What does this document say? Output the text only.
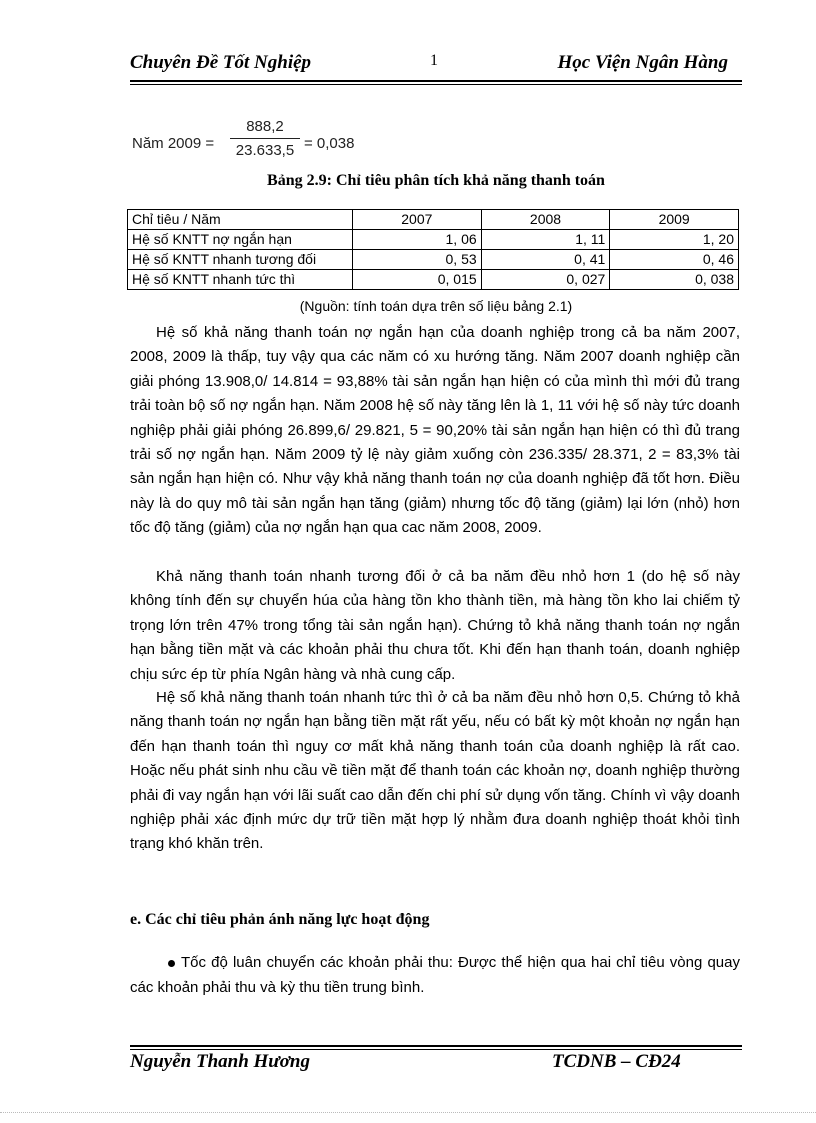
Chuyên Đề Tốt Nghiệp	1	Học Viện Ngân Hàng
Năm 2009 =
888,2
23.633,5 = 0,038
Bảng 2.9: Chỉ tiêu phân tích khả năng thanh toán
Chỉ tiêu / Năm	2007	2008	2009
Hệ số KNTT nợ ngắn hạn	1, 06	1, 11	1, 20
Hệ số KNTT nhanh tương đối	0, 53	0, 41	0, 46
Hệ số KNTT nhanh tức thì	0, 015	0, 027	0, 038
(Nguồn: tính toán dựa trên số liệu bảng 2.1)

Hệ số khả năng thanh toán nợ ngắn hạn của doanh nghiệp trong cả ba năm 2007, 2008, 2009 là thấp, tuy vậy qua các năm có xu hướng tăng. Năm 2007 doanh nghiệp cần giải phóng 13.908,0/ 14.814 = 93,88% tài sản ngắn hạn hiện có của mình thì mới đủ trang trải toàn bộ số nợ ngắn hạn. Năm 2008 hệ số này tăng lên là 1, 11 với hệ số này tức doanh nghiệp phải giải phóng 26.899,6/ 29.821, 5 = 90,20% tài sản ngắn hạn hiện có thì đủ trang trải số nợ ngắn hạn. Năm 2009 tỷ lệ này giảm xuống còn 236.335/ 28.371, 2 = 83,3% tài sản ngắn hạn hiện có. Như vậy khả năng thanh toán nợ của doanh nghiệp đã tốt hơn. Điều này là do quy mô tài sản ngắn hạn tăng (giảm) nhưng tốc độ tăng (giảm) lại lớn (nhỏ) hơn tốc độ tăng (giảm) của nợ ngắn hạn qua cac năm 2008, 2009.

Khả năng thanh toán nhanh tương đối ở cả ba năm đều nhỏ hơn 1 (do hệ số này không tính đến sự chuyển húa của hàng tồn kho thành tiền, mà hàng tồn kho lai chiếm tỷ trọng lớn trên 47% trong tổng tài sản ngắn hạn). Chứng tỏ khả năng thanh toán nợ ngắn hạn bằng tiền mặt và các khoản phải thu chưa tốt. Khi đến hạn thanh toán, doanh nghiệp chịu sức ép từ phía Ngân hàng và nhà cung cấp.

Hệ số khả năng thanh toán nhanh tức thì ở cả ba năm đều nhỏ hơn 0,5. Chứng tỏ khả năng thanh toán nợ ngắn hạn bằng tiền mặt rất yếu, nếu có bất kỳ một khoản nợ ngắn hạn đến hạn thanh toán thì nguy cơ mất khả năng thanh toán của doanh nghiệp là rất cao. Hoặc nếu phát sinh nhu cầu về tiền mặt để thanh toán các khoản nợ, doanh nghiệp thường phải đi vay ngắn hạn với lãi suất cao dẫn đến chi phí sử dụng vốn tăng. Chính vì vậy doanh nghiệp phải xác định mức dự trữ tiền mặt hợp lý nhằm đưa doanh nghiệp thoát khỏi tình trạng khó khăn trên.

e. Các chỉ tiêu phản ánh năng lực hoạt động

Tốc độ luân chuyển các khoản phải thu: Được thể hiện qua hai chỉ tiêu vòng quay các khoản phải thu và kỳ thu tiền trung bình.

Nguyễn Thanh Hương	TCDNB – CĐ24
